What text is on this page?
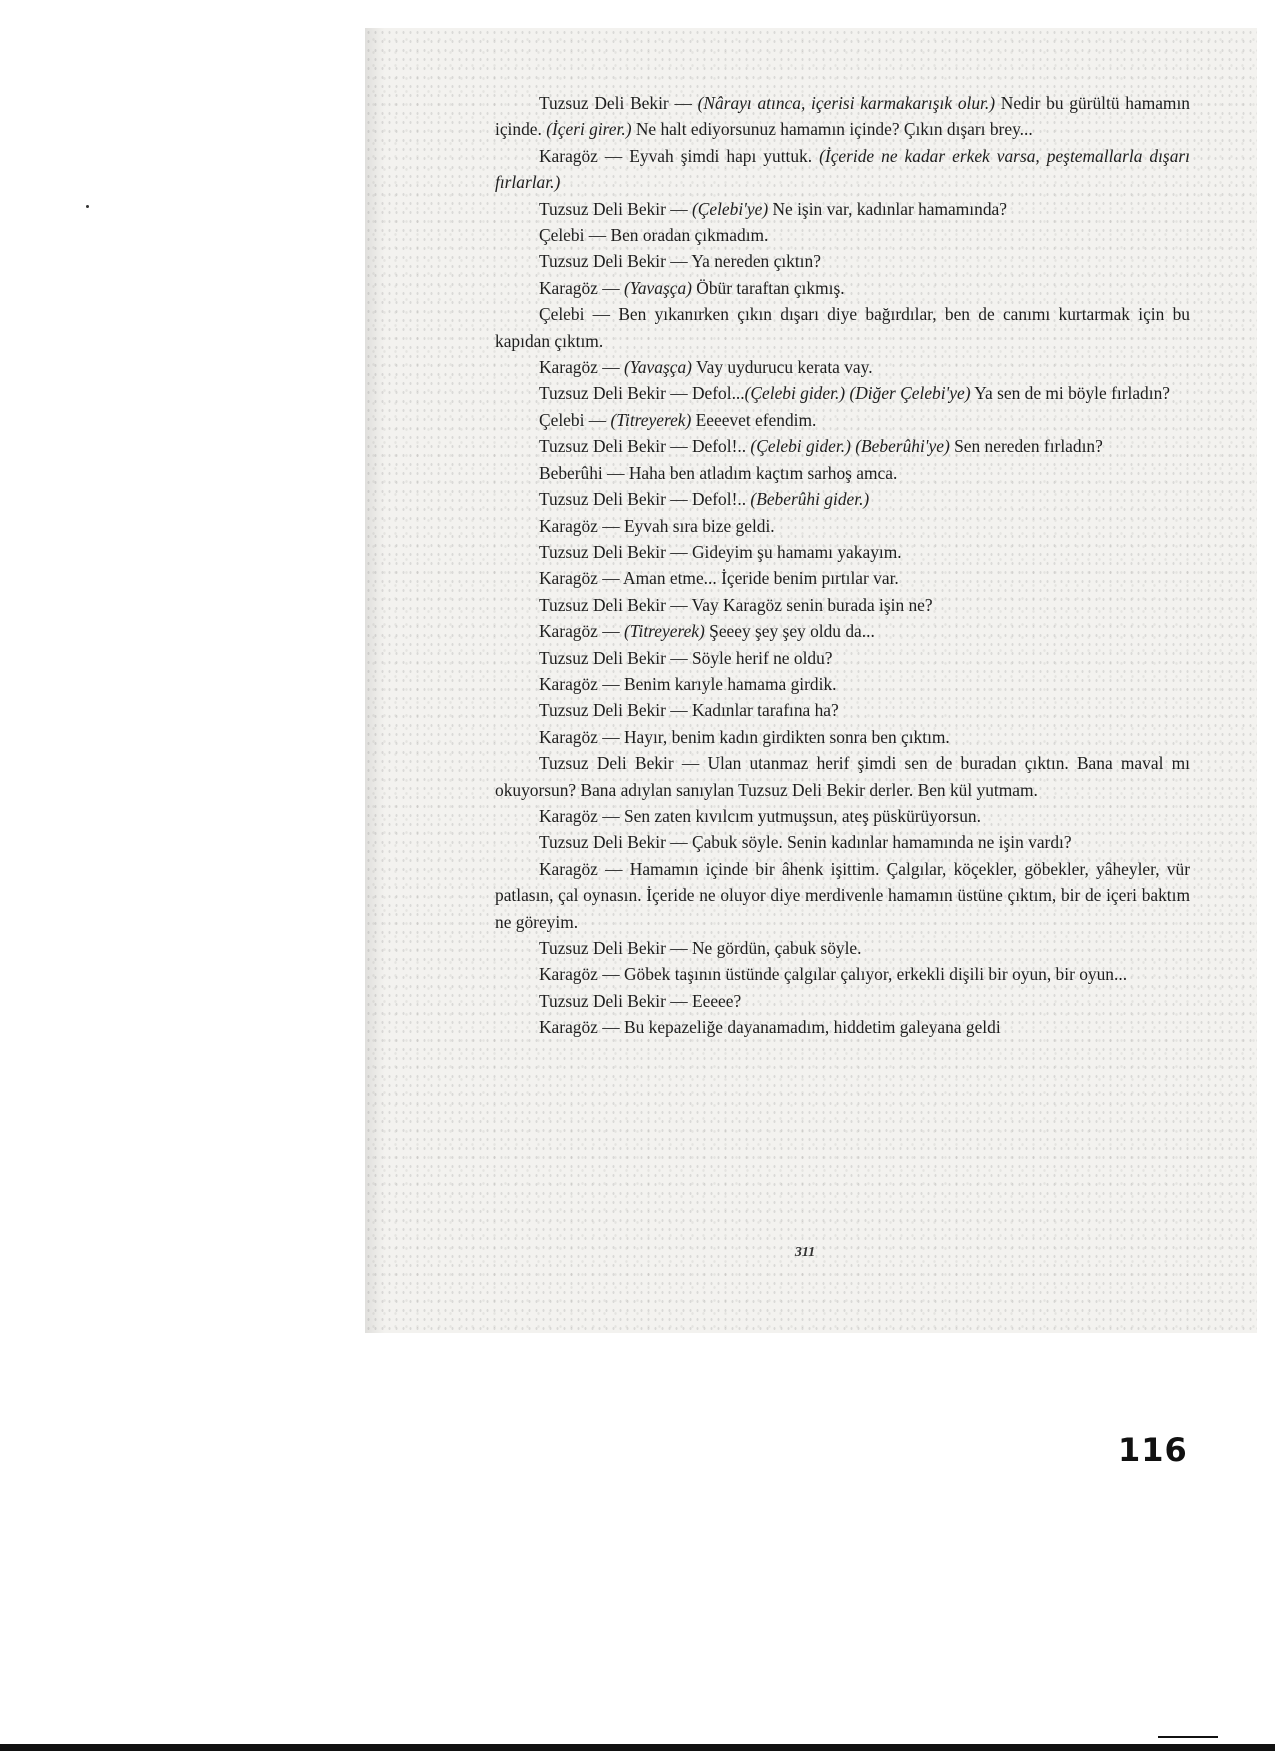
Tuzsuz Deli Bekir — (Nârayı atınca, içerisi karmakarışık olur.) Nedir bu gürültü hamamın içinde. (İçeri girer.) Ne halt ediyorsunuz hamamın içinde? Çıkın dışarı brey...

Karagöz — Eyvah şimdi hapı yuttuk. (İçeride ne kadar erkek varsa, peştemallarla dışarı fırlarlar.)

Tuzsuz Deli Bekir — (Çelebi'ye) Ne işin var, kadınlar hamamında?

Çelebi — Ben oradan çıkmadım.

Tuzsuz Deli Bekir — Ya nereden çıktın?

Karagöz — (Yavaşça) Öbür taraftan çıkmış.

Çelebi — Ben yıkanırken çıkın dışarı diye bağırdılar, ben de canımı kurtarmak için bu kapıdan çıktım.

Karagöz — (Yavaşça) Vay uydurucu kerata vay.

Tuzsuz Deli Bekir — Defol...(Çelebi gider.) (Diğer Çelebi'ye) Ya sen de mi böyle fırladın?

Çelebi — (Titreyerek) Eeeevet efendim.

Tuzsuz Deli Bekir — Defol!.. (Çelebi gider.) (Beberûhi'ye) Sen nereden fırladın?

Beberûhi — Haha ben atladım kaçtım sarhoş amca.

Tuzsuz Deli Bekir — Defol!.. (Beberûhi gider.)

Karagöz — Eyvah sıra bize geldi.

Tuzsuz Deli Bekir — Gideyim şu hamamı yakayım.

Karagöz — Aman etme... İçeride benim pırtılar var.

Tuzsuz Deli Bekir — Vay Karagöz senin burada işin ne?

Karagöz — (Titreyerek) Şeeey şey şey oldu da...

Tuzsuz Deli Bekir — Söyle herif ne oldu?

Karagöz — Benim karıyle hamama girdik.

Tuzsuz Deli Bekir — Kadınlar tarafına ha?

Karagöz — Hayır, benim kadın girdikten sonra ben çıktım.

Tuzsuz Deli Bekir — Ulan utanmaz herif şimdi sen de buradan çıktın. Bana maval mı okuyorsun? Bana adıylan sanıylan Tuzsuz Deli Bekir derler. Ben kül yutmam.

Karagöz — Sen zaten kıvılcım yutmuşsun, ateş püskürüyorsun.

Tuzsuz Deli Bekir — Çabuk söyle. Senin kadınlar hamamında ne işin vardı?

Karagöz — Hamamın içinde bir âhenk işittim. Çalgılar, köçekler, göbekler, yâheyler, vür patlasın, çal oynasın. İçeride ne oluyor diye merdivenle hamamın üstüne çıktım, bir de içeri baktım ne göreyim.

Tuzsuz Deli Bekir — Ne gördün, çabuk söyle.

Karagöz — Göbek taşının üstünde çalgılar çalıyor, erkekli dişili bir oyun, bir oyun...

Tuzsuz Deli Bekir — Eeeee?

Karagöz — Bu kepazeliğe dayanamadım, hiddetim galeyana geldi

311
116
